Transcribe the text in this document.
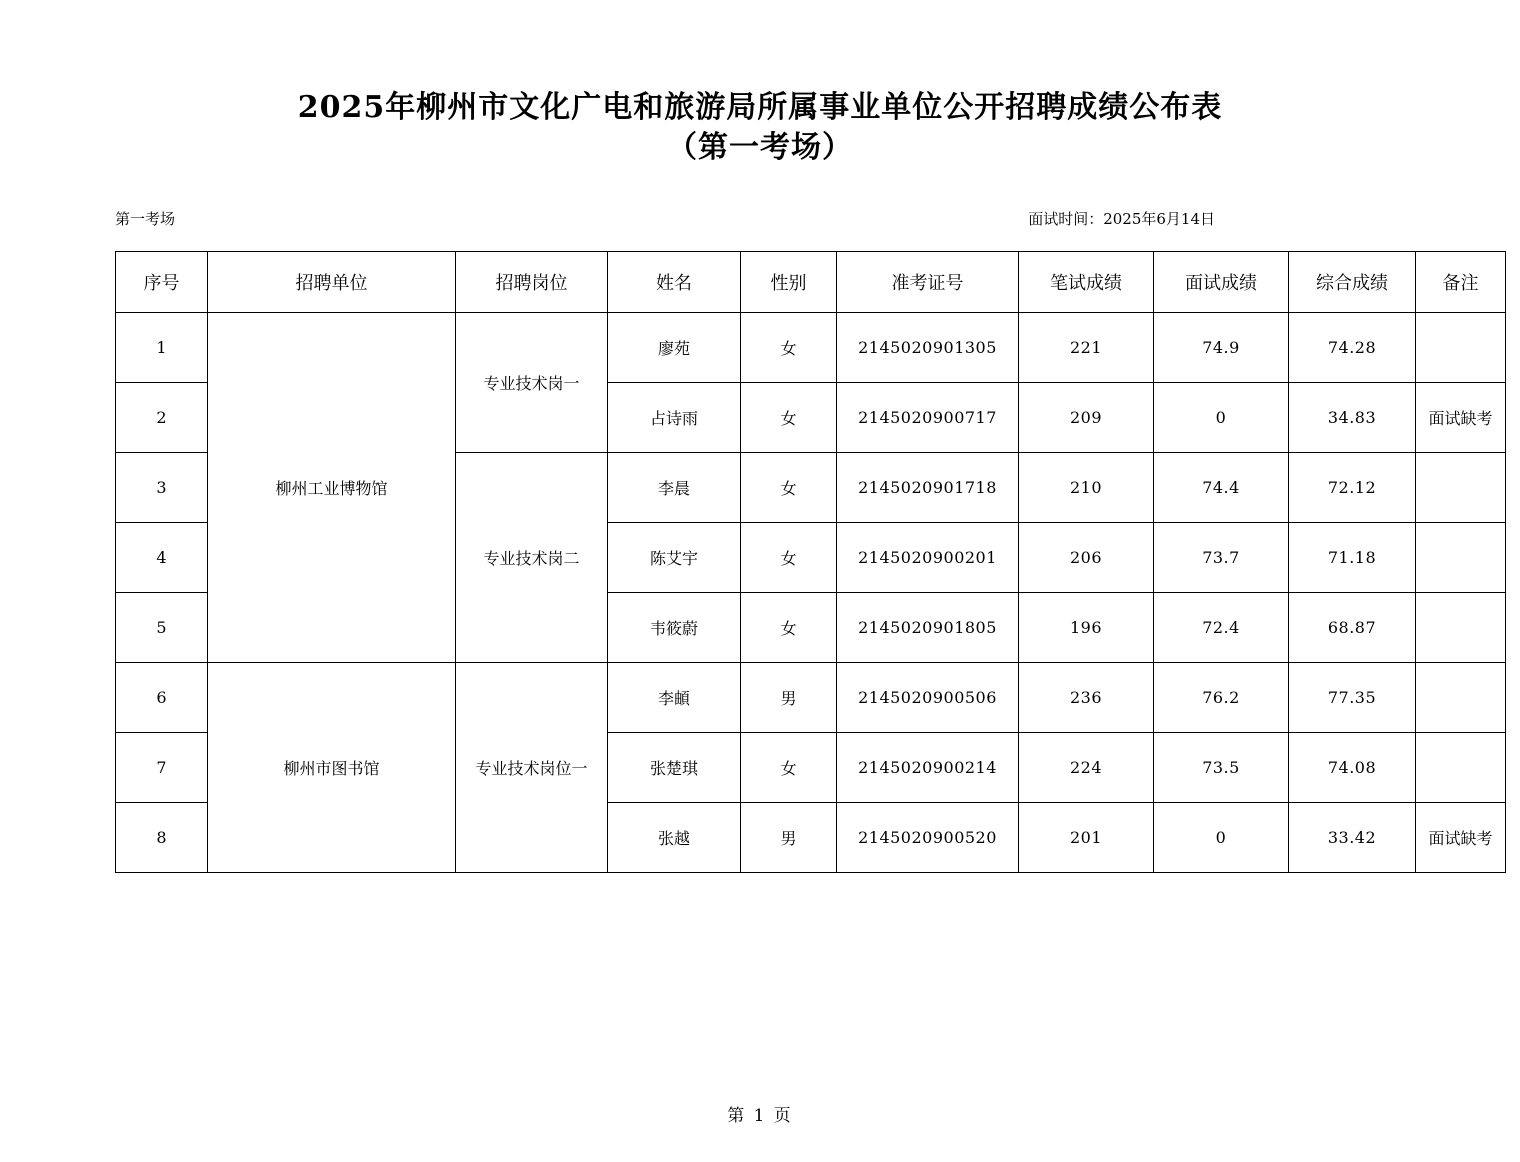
2025年柳州市文化广电和旅游局所属事业单位公开招聘成绩公布表
（第一考场）
第一考场	面试时间：2025年6月14日
序号	招聘单位	招聘岗位	姓名	性别	准考证号	笔试成绩	面试成绩	综合成绩	备注
1	柳州工业博物馆	专业技术岗一	廖苑	女	2145020901305	221	74.9	74.28	
2			占诗雨	女	2145020900717	209	0	34.83	面试缺考
3		专业技术岗二	李晨	女	2145020901718	210	74.4	72.12	
4			陈艾宇	女	2145020900201	206	73.7	71.18	
5			韦筱蔚	女	2145020901805	196	72.4	68.87	
6	柳州市图书馆	专业技术岗位一	李頔	男	2145020900506	236	76.2	77.35	
7			张楚琪	女	2145020900214	224	73.5	74.08	
8			张越	男	2145020900520	201	0	33.42	面试缺考
第 1 页
